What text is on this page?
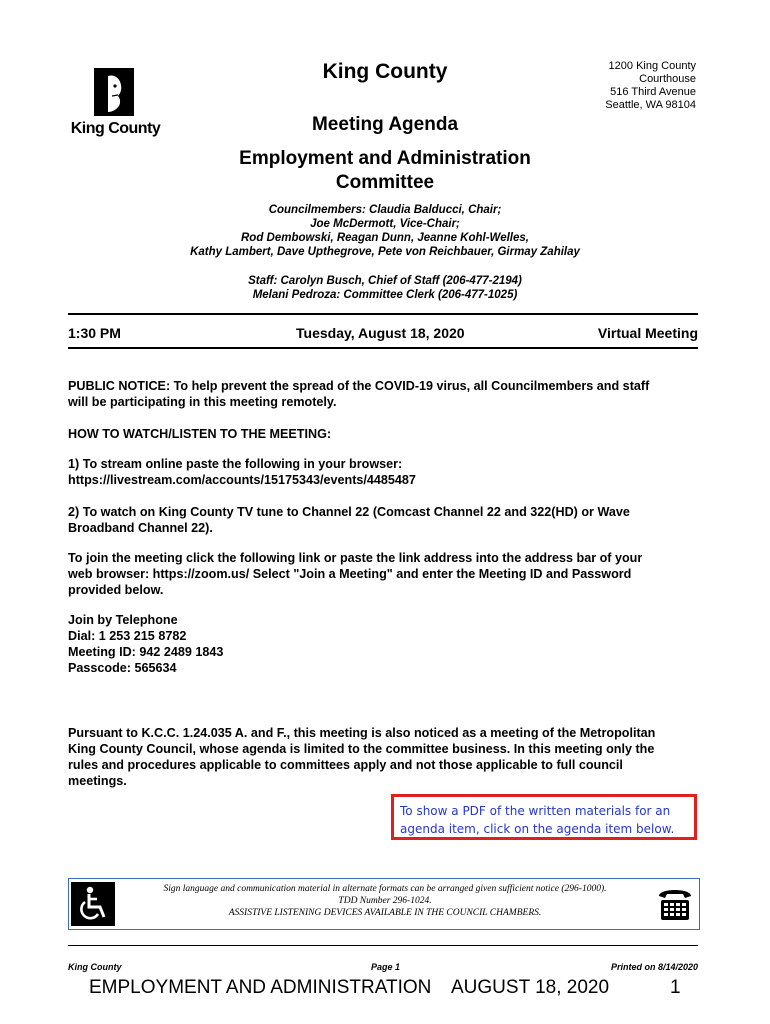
King County
King County	1200 King County
Courthouse
516 Third Avenue
Seattle, WA 98104
Meeting Agenda
Employment and Administration
Committee
Councilmembers: Claudia Balducci, Chair;
Joe McDermott, Vice-Chair;
Rod Dembowski, Reagan Dunn, Jeanne Kohl-Welles,
Kathy Lambert, Dave Upthegrove, Pete von Reichbauer, Girmay Zahilay
Staff: Carolyn Busch, Chief of Staff (206-477-2194)
Melani Pedroza: Committee Clerk (206-477-1025)
1:30 PM	Tuesday, August 18, 2020	Virtual Meeting
PUBLIC NOTICE: To help prevent the spread of the COVID-19 virus, all Councilmembers and staff
will be participating in this meeting remotely.
HOW TO WATCH/LISTEN TO THE MEETING:
1) To stream online paste the following in your browser:
https://livestream.com/accounts/15175343/events/4485487
2) To watch on King County TV tune to Channel 22 (Comcast Channel 22 and 322(HD) or Wave
Broadband Channel 22).
To join the meeting click the following link or paste the link address into the address bar of your
web browser: https://zoom.us/ Select "Join a Meeting" and enter the Meeting ID and Password
provided below.
Join by Telephone
Dial: 1 253 215 8782
Meeting ID: 942 2489 1843
Passcode: 565634
Pursuant to K.C.C. 1.24.035 A. and F., this meeting is also noticed as a meeting of the Metropolitan
King County Council, whose agenda is limited to the committee business. In this meeting only the
rules and procedures applicable to committees apply and not those applicable to full council
meetings.
To show a PDF of the written materials for an
agenda item, click on the agenda item below.
Sign language and communication material in alternate formats can be arranged given sufficient notice (296-1000).
TDD Number 296-1024.
ASSISTIVE LISTENING DEVICES AVAILABLE IN THE COUNCIL CHAMBERS.
King County	Page 1	Printed on 8/14/2020
EMPLOYMENT AND ADMINISTRATION AUGUST 18, 2020	1
